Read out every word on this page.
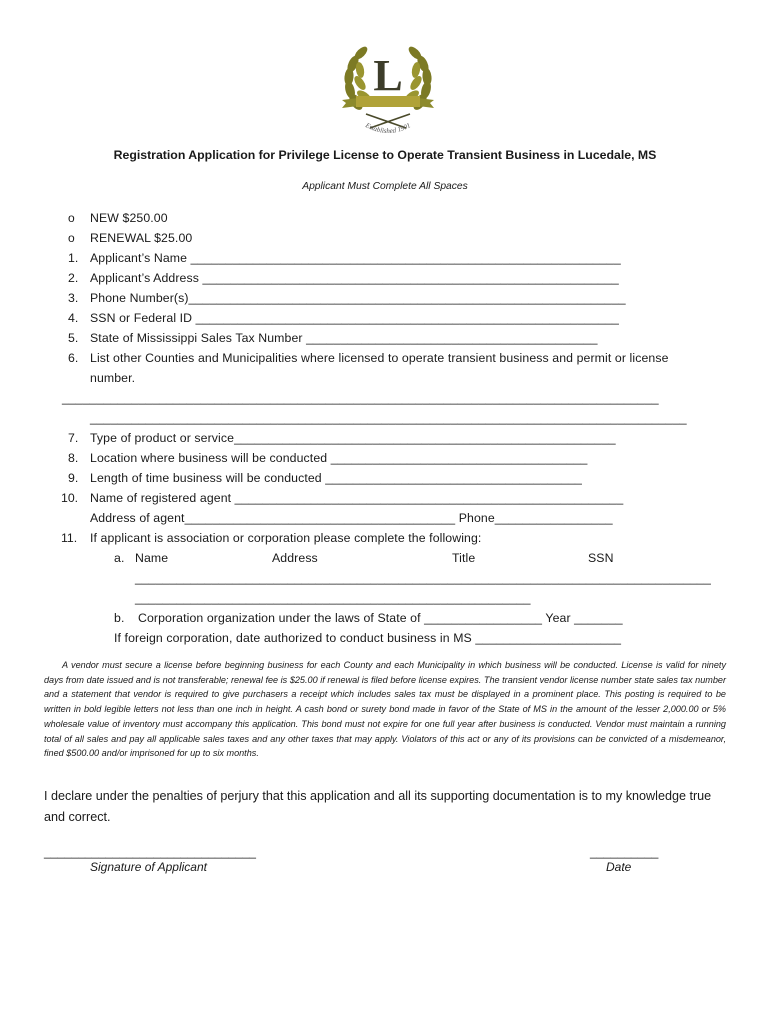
L
Established 1901
Registration Application for Privilege License to Operate Transient Business in Lucedale, MS
Applicant Must Complete All Spaces
o NEW $250.00
o RENEWAL $25.00
1. Applicant’s Name ______________________________________________________________
2. Applicant’s Address ____________________________________________________________
3. Phone Number(s)_______________________________________________________________
4. SSN or Federal ID _____________________________________________________________
5. State of Mississippi Sales Tax Number __________________________________________
6. List other Counties and Municipalities where licensed to operate transient business and permit or license
number.
______________________________________________________________________________________
______________________________________________________________________________________
7. Type of product or service_______________________________________________________
8. Location where business will be conducted _____________________________________
9. Length of time business will be conducted _____________________________________
10. Name of registered agent ________________________________________________________
Address of agent_______________________________________ Phone_________________
11. If applicant is association or corporation please complete the following:
a. Name	Address	Title	SSN
___________________________________________________________________________________
_________________________________________________________
b. Corporation organization under the laws of State of _________________ Year _______
If foreign corporation, date authorized to conduct business in MS _____________________
A vendor must secure a license before beginning business for each County and each Municipality in which business will be conducted. License is valid for ninety days from date issued and is not transferable; renewal fee is $25.00 if renewal is filed before license expires. The transient vendor license number state sales tax number and a statement that vendor is required to give purchasers a receipt which includes sales tax must be displayed in a prominent place. This posting is required to be written in bold legible letters not less than one inch in height. A cash bond or surety bond made in favor of the State of MS in the amount of the lesser 2,000.00 or 5% wholesale value of inventory must accompany this application. This bond must not expire for one full year after business is conducted. Vendor must maintain a running total of all sales and pay all applicable sales taxes and any other taxes that may apply. Violators of this act or any of its provisions can be convicted of a misdemeanor, fined $500.00 and/or imprisoned for up to six months.
I declare under the penalties of perjury that this application and all its supporting documentation is to my knowledge true and correct.
_______________________________
Signature of Applicant
__________
Date
